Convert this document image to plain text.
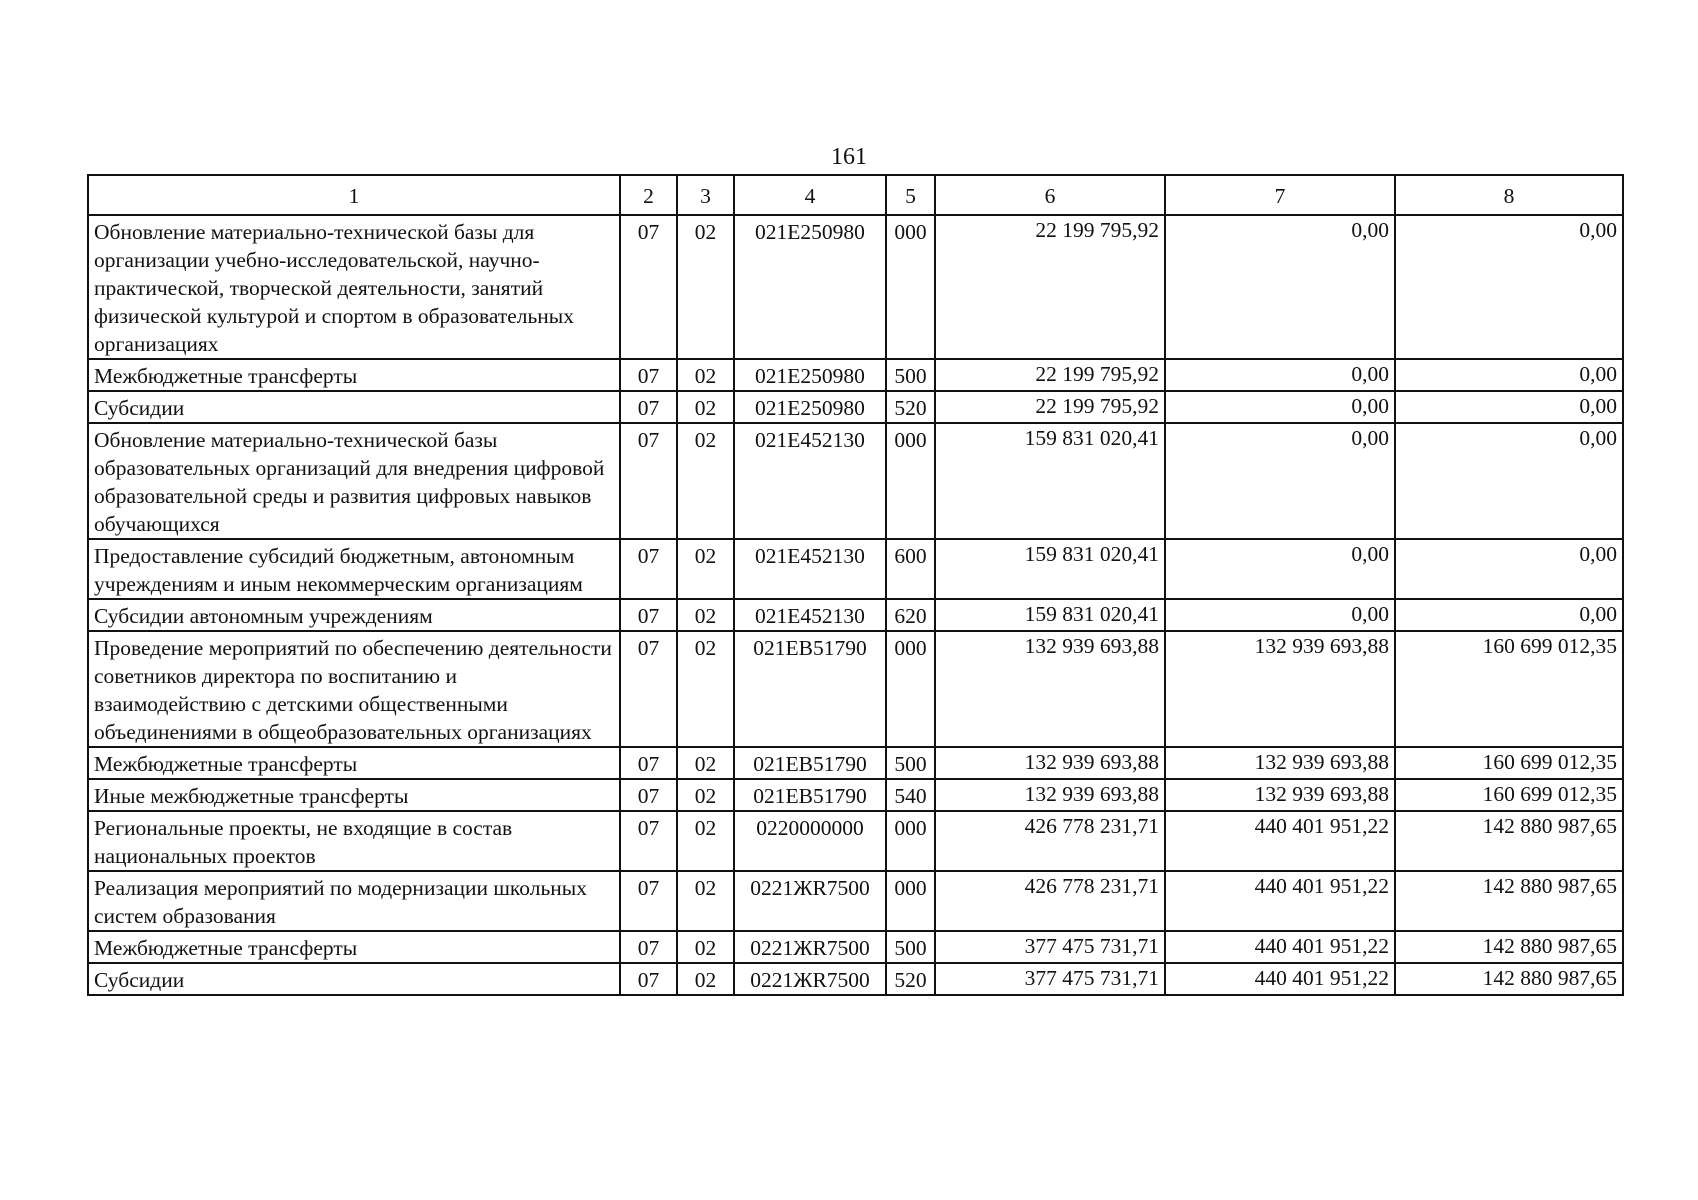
161
1	2	3	4	5	6	7	8
Обновление материально-технической базы для организации учебно-исследовательской, научно-практической, творческой деятельности, занятий физической культурой и спортом в образовательных организациях	07	02	021E250980	000	22 199 795,92	0,00	0,00
Межбюджетные трансферты	07	02	021E250980	500	22 199 795,92	0,00	0,00
Субсидии	07	02	021E250980	520	22 199 795,92	0,00	0,00
Обновление материально-технической базы образовательных организаций для внедрения цифровой образовательной среды и развития цифровых навыков обучающихся	07	02	021E452130	000	159 831 020,41	0,00	0,00
Предоставление субсидий бюджетным, автономным учреждениям и иным некоммерческим организациям	07	02	021E452130	600	159 831 020,41	0,00	0,00
Субсидии автономным учреждениям	07	02	021E452130	620	159 831 020,41	0,00	0,00
Проведение мероприятий по обеспечению деятельности советников директора по воспитанию и взаимодействию с детскими общественными объединениями в общеобразовательных организациях	07	02	021EB51790	000	132 939 693,88	132 939 693,88	160 699 012,35
Межбюджетные трансферты	07	02	021EB51790	500	132 939 693,88	132 939 693,88	160 699 012,35
Иные межбюджетные трансферты	07	02	021EB51790	540	132 939 693,88	132 939 693,88	160 699 012,35
Региональные проекты, не входящие в состав национальных проектов	07	02	0220000000	000	426 778 231,71	440 401 951,22	142 880 987,65
Реализация мероприятий по модернизации школьных систем образования	07	02	0221ЖR7500	000	426 778 231,71	440 401 951,22	142 880 987,65
Межбюджетные трансферты	07	02	0221ЖR7500	500	377 475 731,71	440 401 951,22	142 880 987,65
Субсидии	07	02	0221ЖR7500	520	377 475 731,71	440 401 951,22	142 880 987,65
